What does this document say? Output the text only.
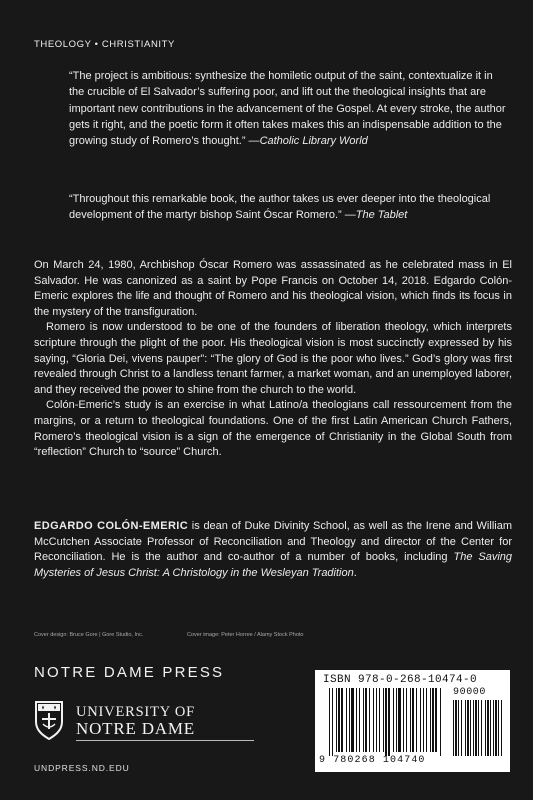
THEOLOGY • CHRISTIANITY
“The project is ambitious: synthesize the homiletic output of the saint, contextualize it in the crucible of El Salvador’s suffering poor, and lift out the theological insights that are important new contributions in the advancement of the Gospel. At every stroke, the author gets it right, and the poetic form it often takes makes this an indispensable addition to the growing study of Romero’s thought.” —Catholic Library World
“Throughout this remarkable book, the author takes us ever deeper into the theological development of the martyr bishop Saint Óscar Romero.” —The Tablet

On March 24, 1980, Archbishop Óscar Romero was assassinated as he celebrated mass in El Salvador. He was canonized as a saint by Pope Francis on October 14, 2018. Edgardo Colón-Emeric explores the life and thought of Romero and his theological vision, which finds its focus in the mystery of the transfiguration.

Romero is now understood to be one of the founders of liberation theology, which interprets scripture through the plight of the poor. His theological vision is most succinctly expressed by his saying, “Gloria Dei, vivens pauper”: “The glory of God is the poor who lives.” God’s glory was first revealed through Christ to a landless tenant farmer, a market woman, and an unemployed laborer, and they received the power to shine from the church to the world.

Colón-Emeric’s study is an exercise in what Latino/a theologians call ressourcement from the margins, or a return to theological foundations. One of the first Latin American Church Fathers, Romero’s theological vision is a sign of the emergence of Christianity in the Global South from “reflection” Church to “source” Church.

EDGARDO COLÓN-EMERIC is dean of Duke Divinity School, as well as the Irene and William McCutchen Associate Professor of Reconciliation and Theology and director of the Center for Reconciliation. He is the author and co-author of a number of books, including The Saving Mysteries of Jesus Christ: A Christology in the Wesleyan Tradition.

Cover design: Bruce Gore | Gore Studio, Inc.	Cover image: Peter Horree / Alamy Stock Photo
NOTRE DAME PRESS
UNIVERSITY OF
NOTRE DAME
UNDPRESS.ND.EDU
ISBN 978-0-268-10474-0
90000
9 780268 104740
